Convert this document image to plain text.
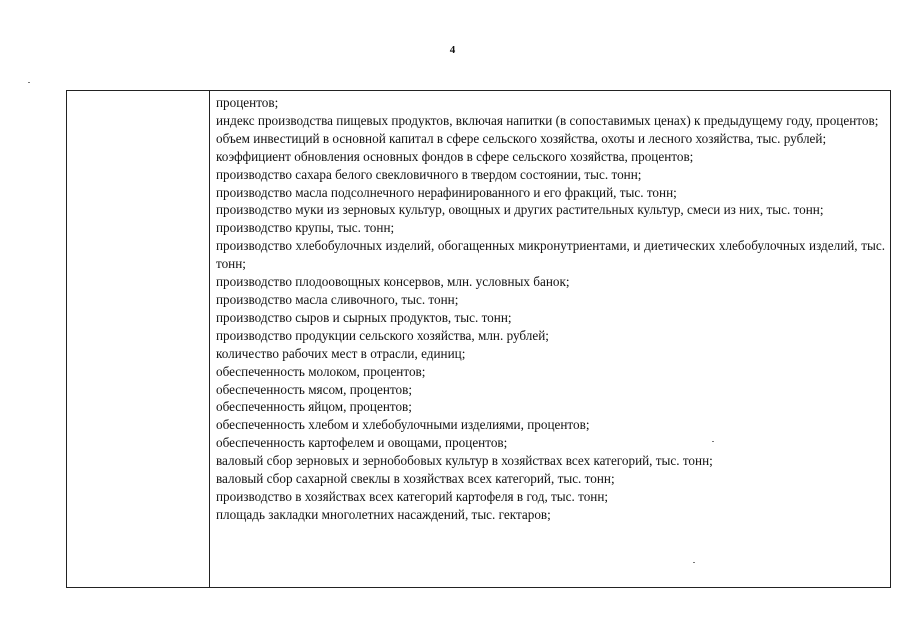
4

процентов;

индекс производства пищевых продуктов, включая напитки (в сопоставимых ценах) к предыдущему году, процентов;

объем инвестиций в основной капитал в сфере сельского хозяйства, охоты и лесного хозяйства, тыс. рублей;

коэффициент обновления основных фондов в сфере сельского хозяйства, процентов;

производство сахара белого свекловичного в твердом состоянии, тыс. тонн;

производство масла подсолнечного нерафинированного и его фракций, тыс. тонн;

производство муки из зерновых культур, овощных и других растительных культур, смеси из них, тыс. тонн;

производство крупы, тыс. тонн;

производство хлебобулочных изделий, обогащенных микронутриентами, и диетических хлебобулочных изделий, тыс. тонн;

производство плодоовощных консервов, млн. условных банок;

производство масла сливочного, тыс. тонн;

производство сыров и сырных продуктов, тыс. тонн;

производство продукции сельского хозяйства, млн. рублей;

количество рабочих мест в отрасли, единиц;

обеспеченность молоком, процентов;

обеспеченность мясом, процентов;

обеспеченность яйцом, процентов;

обеспеченность хлебом и хлебобулочными изделиями, процентов;

обеспеченность картофелем и овощами, процентов;

валовый сбор зерновых и зернобобовых культур в хозяйствах всех категорий, тыс. тонн;

валовый сбор сахарной свеклы в хозяйствах всех категорий, тыс. тонн;

производство в хозяйствах всех категорий картофеля в год, тыс. тонн;

площадь закладки многолетних насаждений, тыс. гектаров;
